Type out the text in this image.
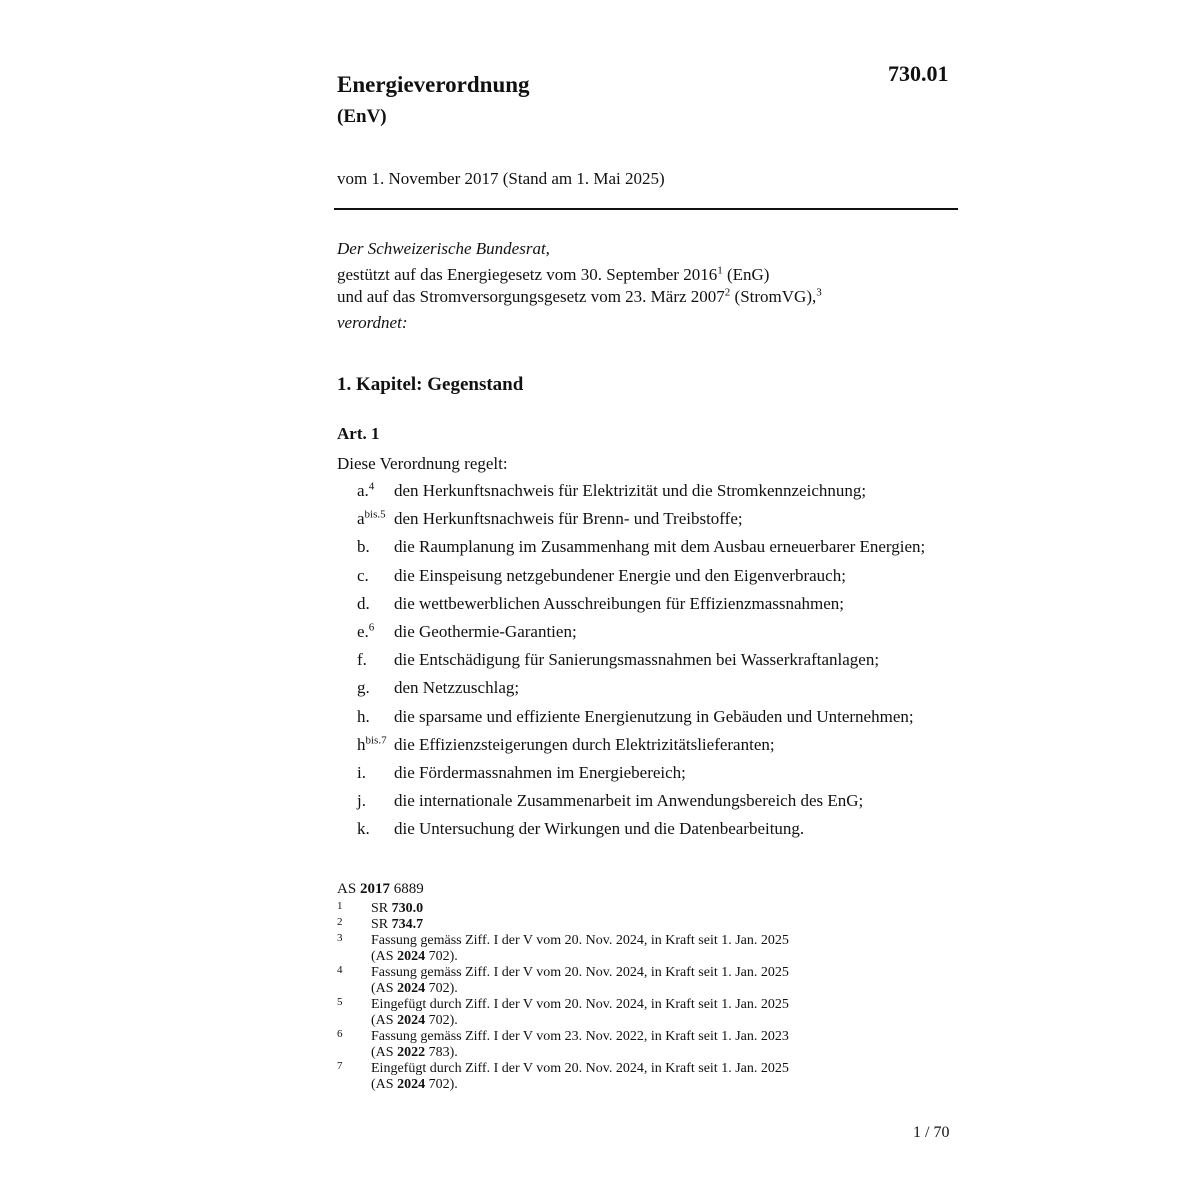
Energieverordnung
(EnV)
730.01
vom 1. November 2017 (Stand am 1. Mai 2025)
Der Schweizerische Bundesrat,
gestützt auf das Energiegesetz vom 30. September 2016$^1$ (EnG)
und auf das Stromversorgungsgesetz vom 23. März 2007$^2$ (StromVG),$^3$
verordnet:
1. Kapitel: Gegenstand
Art. 1
Diese Verordnung regelt:
a.$^4$ den Herkunftsnachweis für Elektrizität und die Stromkennzeichnung;
$a^{bis.5}$ den Herkunftsnachweis für Brenn- und Treibstoffe;
b. die Raumplanung im Zusammenhang mit dem Ausbau erneuerbarer Energien;
c. die Einspeisung netzgebundener Energie und den Eigenverbrauch;
d. die wettbewerblichen Ausschreibungen für Effizienzmassnahmen;
e.$^6$ die Geothermie-Garantien;
f. die Entschädigung für Sanierungsmassnahmen bei Wasserkraftanlagen;
g. den Netzzuschlag;
h. die sparsame und effiziente Energienutzung in Gebäuden und Unternehmen;
$h^{bis.7}$ die Effizienzsteigerungen durch Elektrizitätslieferanten;
i. die Fördermassnahmen im Energiebereich;
j. die internationale Zusammenarbeit im Anwendungsbereich des EnG;
k. die Untersuchung der Wirkungen und die Datenbearbeitung.
AS 2017 6889
1 SR 730.0
2 SR 734.7
3 Fassung gemäss Ziff. I der V vom 20. Nov. 2024, in Kraft seit 1. Jan. 2025
(AS 2024 702).
4 Fassung gemäss Ziff. I der V vom 20. Nov. 2024, in Kraft seit 1. Jan. 2025
(AS 2024 702).
5 Eingefügt durch Ziff. I der V vom 20. Nov. 2024, in Kraft seit 1. Jan. 2025
(AS 2024 702).
6 Fassung gemäss Ziff. I der V vom 23. Nov. 2022, in Kraft seit 1. Jan. 2023
(AS 2022 783).
7 Eingefügt durch Ziff. I der V vom 20. Nov. 2024, in Kraft seit 1. Jan. 2025
(AS 2024 702).
1 / 70
